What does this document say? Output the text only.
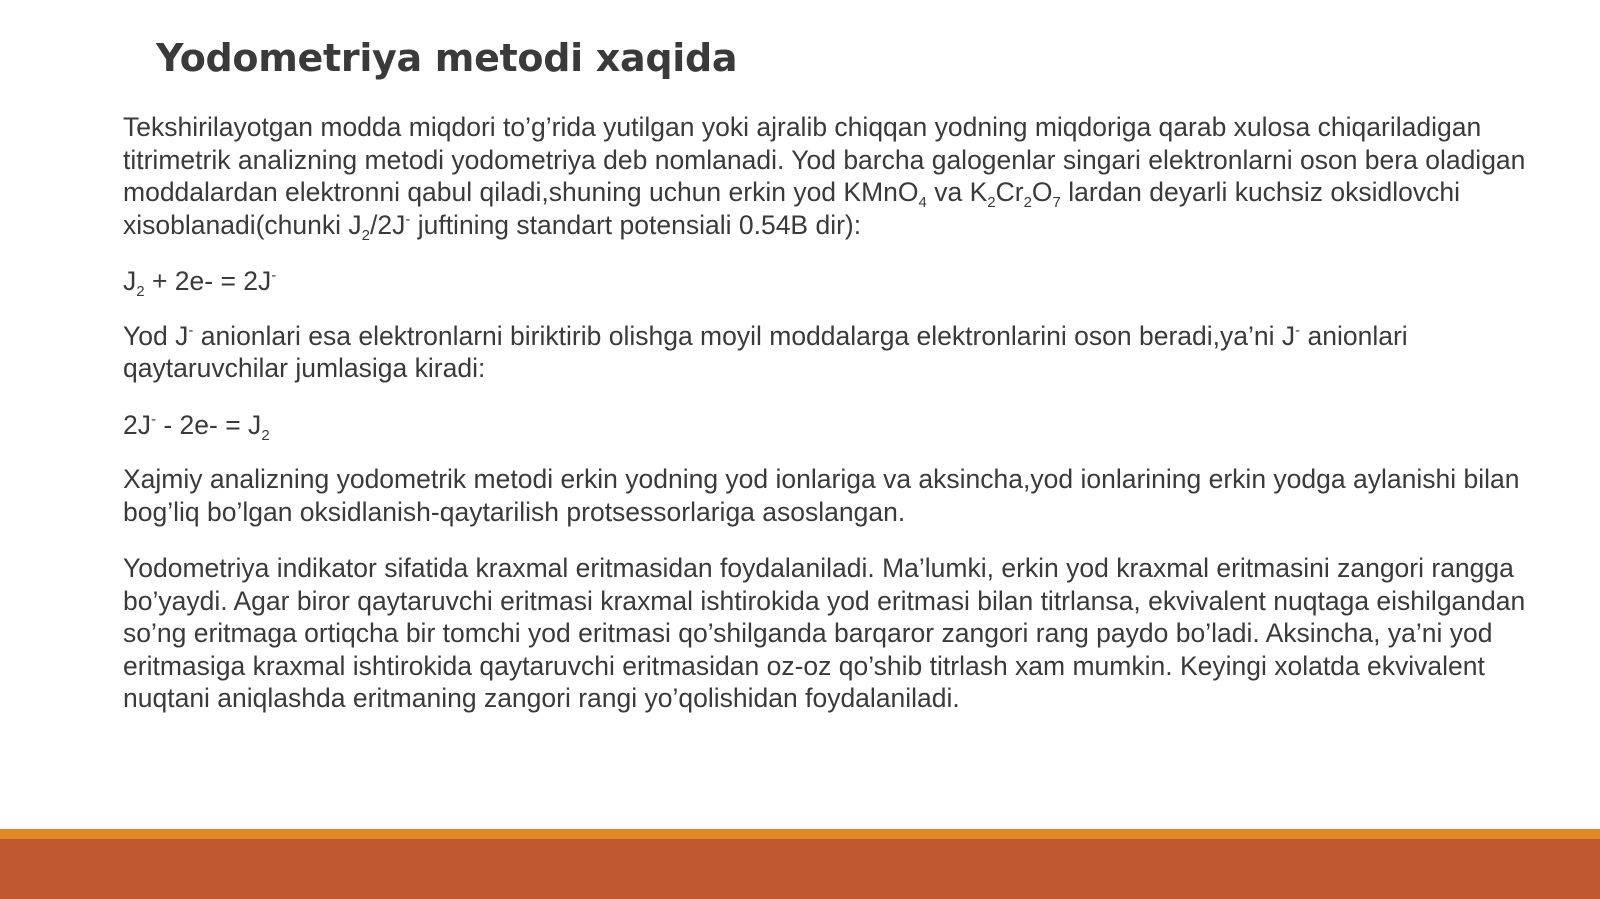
Yodometriya metodi xaqida

Tekshirilayotgan modda miqdori to’g’rida yutilgan yoki ajralib chiqqan yodning miqdoriga qarab xulosa chiqariladigan titrimetrik analizning metodi yodometriya deb nomlanadi. Yod barcha galogenlar singari elektronlarni oson bera oladigan moddalardan elektronni qabul qiladi,shuning uchun erkin yod KMnO$_4$ va $K_2Cr_2O_7$ lardan deyarli kuchsiz oksidlovchi xisoblanadi(chunki $J_2/2J^-$ juftining standart potensiali 0.54B dir):

$J_2 + 2e- = 2J^-$

Yod J- anionlari esa elektronlarni biriktirib olishga moyil moddalarga elektronlarini oson beradi,ya’ni J- anionlari qaytaruvchilar jumlasiga kiradi:

$2J^- - 2e- = J_2$

Xajmiy analizning yodometrik metodi erkin yodning yod ionlariga va aksincha,yod ionlarining erkin yodga aylanishi bilan bog’liq bo’lgan oksidlanish-qaytarilish protsessorlariga asoslangan.

Yodometriya indikator sifatida kraxmal eritmasidan foydalaniladi. Ma’lumki, erkin yod kraxmal eritmasini zangori rangga bo’yaydi. Agar biror qaytaruvchi eritmasi kraxmal ishtirokida yod eritmasi bilan titrlansa, ekvivalent nuqtaga eishilgandan so’ng eritmaga ortiqcha bir tomchi yod eritmasi qo’shilganda barqaror zangori rang paydo bo’ladi. Aksincha, ya’ni yod eritmasiga kraxmal ishtirokida qaytaruvchi eritmasidan oz-oz qo’shib titrlash xam mumkin. Keyingi xolatda ekvivalent nuqtani aniqlashda eritmaning zangori rangi yo’qolishidan foydalaniladi.
